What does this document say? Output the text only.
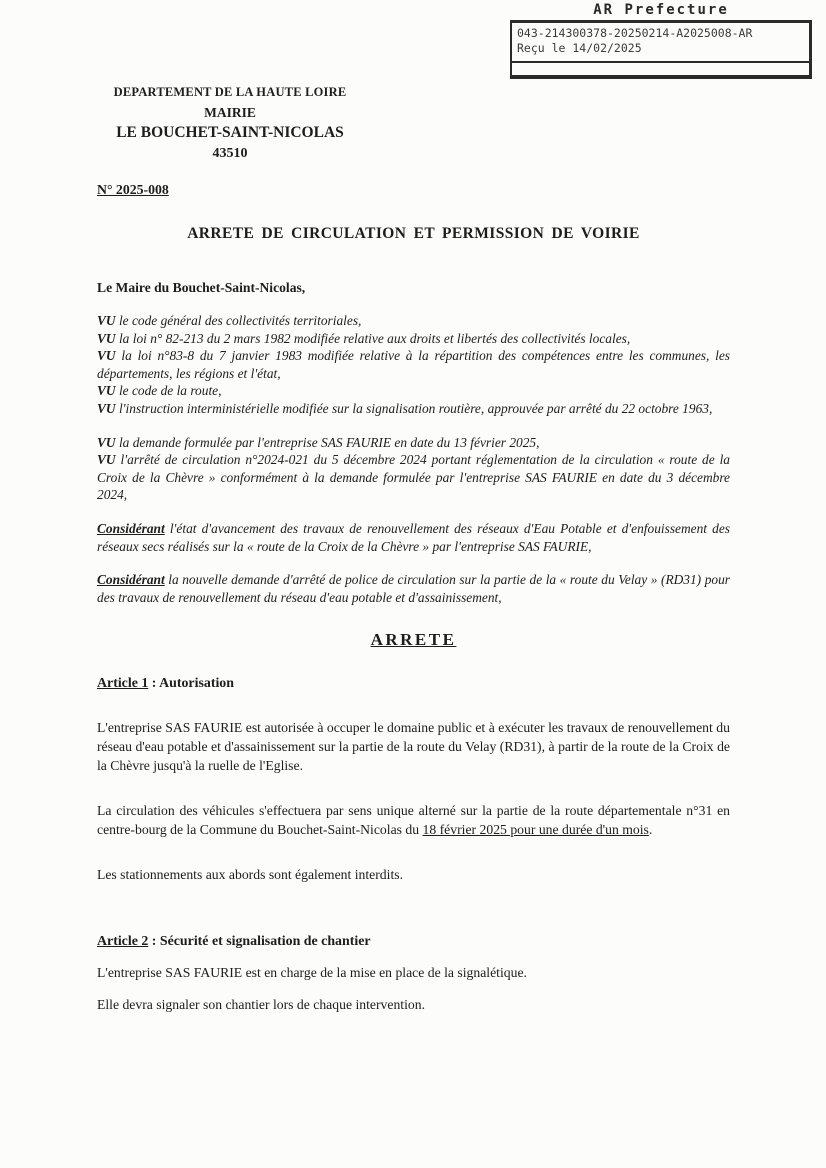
AR Prefecture
043-214300378-20250214-A2025008-AR
Reçu le 14/02/2025
DEPARTEMENT DE LA HAUTE LOIRE
MAIRIE
LE BOUCHET-SAINT-NICOLAS
43510

N° 2025-008

ARRETE DE CIRCULATION ET PERMISSION DE VOIRIE

Le Maire du Bouchet-Saint-Nicolas,

VU le code général des collectivités territoriales,

VU la loi n° 82-213 du 2 mars 1982 modifiée relative aux droits et libertés des collectivités locales,

VU la loi n°83-8 du 7 janvier 1983 modifiée relative à la répartition des compétences entre les communes, les départements, les régions et l'état,

VU le code de la route,

VU l'instruction interministérielle modifiée sur la signalisation routière, approuvée par arrêté du 22 octobre 1963,

VU la demande formulée par l'entreprise SAS FAURIE en date du 13 février 2025,

VU l'arrêté de circulation n°2024-021 du 5 décembre 2024 portant réglementation de la circulation « route de la Croix de la Chèvre » conformément à la demande formulée par l'entreprise SAS FAURIE en date du 3 décembre 2024,

Considérant l'état d'avancement des travaux de renouvellement des réseaux d'Eau Potable et d'enfouissement des réseaux secs réalisés sur la « route de la Croix de la Chèvre » par l'entreprise SAS FAURIE,

Considérant la nouvelle demande d'arrêté de police de circulation sur la partie de la « route du Velay » (RD31) pour des travaux de renouvellement du réseau d'eau potable et d'assainissement,

ARRETE

Article 1 : Autorisation

L'entreprise SAS FAURIE est autorisée à occuper le domaine public et à exécuter les travaux de renouvellement du réseau d'eau potable et d'assainissement sur la partie de la route du Velay (RD31), à partir de la route de la Croix de la Chèvre jusqu'à la ruelle de l'Eglise.

La circulation des véhicules s'effectuera par sens unique alterné sur la partie de la route départementale n°31 en centre-bourg de la Commune du Bouchet-Saint-Nicolas du 18 février 2025 pour une durée d'un mois.

Les stationnements aux abords sont également interdits.

Article 2 : Sécurité et signalisation de chantier

L'entreprise SAS FAURIE est en charge de la mise en place de la signalétique.

Elle devra signaler son chantier lors de chaque intervention.
